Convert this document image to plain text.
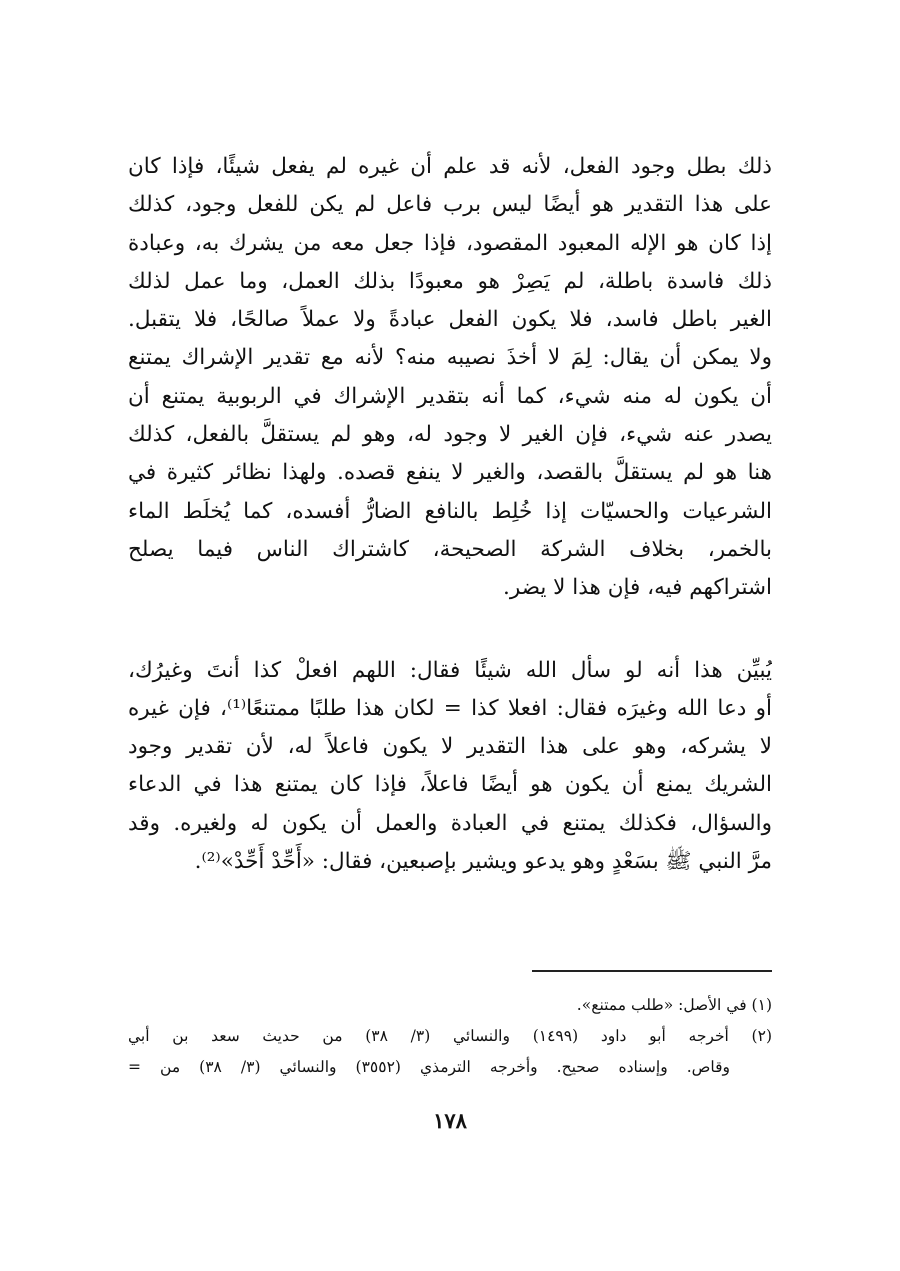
ذلك بطل وجود الفعل، لأنه قد علم أن غيره لم يفعل شيئًا، فإذا كان
على هذا التقدير هو أيضًا ليس برب فاعل لم يكن للفعل وجود، كذلك
إذا كان هو الإله المعبود المقصود، فإذا جعل معه من يشرك به، وعبادة
ذلك فاسدة باطلة، لم يَصِرْ هو معبودًا بذلك العمل، وما عمل لذلك
الغير باطل فاسد، فلا يكون الفعل عبادةً ولا عملاً صالحًا، فلا يتقبل.
ولا يمكن أن يقال: لِمَ لا أخذَ نصيبه منه؟ لأنه مع تقدير الإشراك يمتنع
أن يكون له منه شيء، كما أنه بتقدير الإشراك في الربوبية يمتنع أن
يصدر عنه شيء، فإن الغير لا وجود له، وهو لم يستقلَّ بالفعل، كذلك
هنا هو لم يستقلَّ بالقصد، والغير لا ينفع قصده. ولهذا نظائر كثيرة في
الشرعيات والحسيّات إذا خُلِط بالنافع الضارُّ أفسده، كما يُخلَط الماء
بالخمر، بخلاف الشركة الصحيحة، كاشتراك الناس فيما يصلح
اشتراكهم فيه، فإن هذا لا يضر.

يُبيِّن هذا أنه لو سأل الله شيئًا فقال: اللهم افعلْ كذا أنتَ وغيرُك،
أو دعا الله وغيرَه فقال: افعلا كذا = لكان هذا طلبًا ممتنعًا⁽¹⁾، فإن غيره
لا يشركه، وهو على هذا التقدير لا يكون فاعلاً له، لأن تقدير وجود
الشريك يمنع أن يكون هو أيضًا فاعلاً، فإذا كان يمتنع هذا في الدعاء
والسؤال، فكذلك يمتنع في العبادة والعمل أن يكون له ولغيره. وقد
مرَّ النبي ﷺ بسَعْدٍ وهو يدعو ويشير بإصبعين، فقال: «أَحِّدْ أَحِّدْ»⁽²⁾.

(١) في الأصل: «طلب ممتنع».
(٢) أخرجه أبو داود (١٤٩٩) والنسائي (٣/ ٣٨) من حديث سعد بن أبي
وقاص. وإسناده صحيح. وأخرجه الترمذي (٣٥٥٢) والنسائي (٣/ ٣٨) من =
١٧٨
